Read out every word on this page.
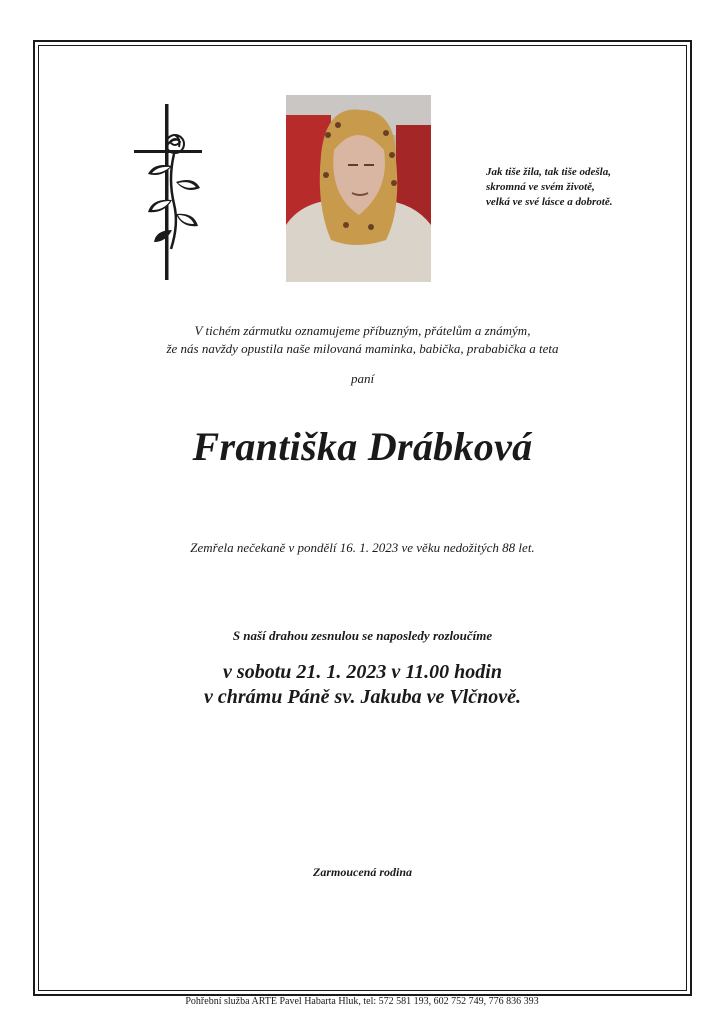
Jak tiše žila, tak tiše odešla,
skromná ve svém životě,
velká ve své lásce a dobrotě.
V tichém zármutku oznamujeme příbuzným, přátelům a známým,
že nás navždy opustila naše milovaná maminka, babička, prababička a teta
paní
Františka Drábková
Zemřela nečekaně v pondělí 16. 1. 2023 ve věku nedožitých 88 let.
S naší drahou zesnulou se naposledy rozloučíme
v sobotu 21. 1. 2023 v 11.00 hodin
v chrámu Páně sv. Jakuba ve Vlčnově.
Zarmoucená rodina
Pohřební služba ARTE Pavel Habarta Hluk, tel: 572 581 193, 602 752 749, 776 836 393
